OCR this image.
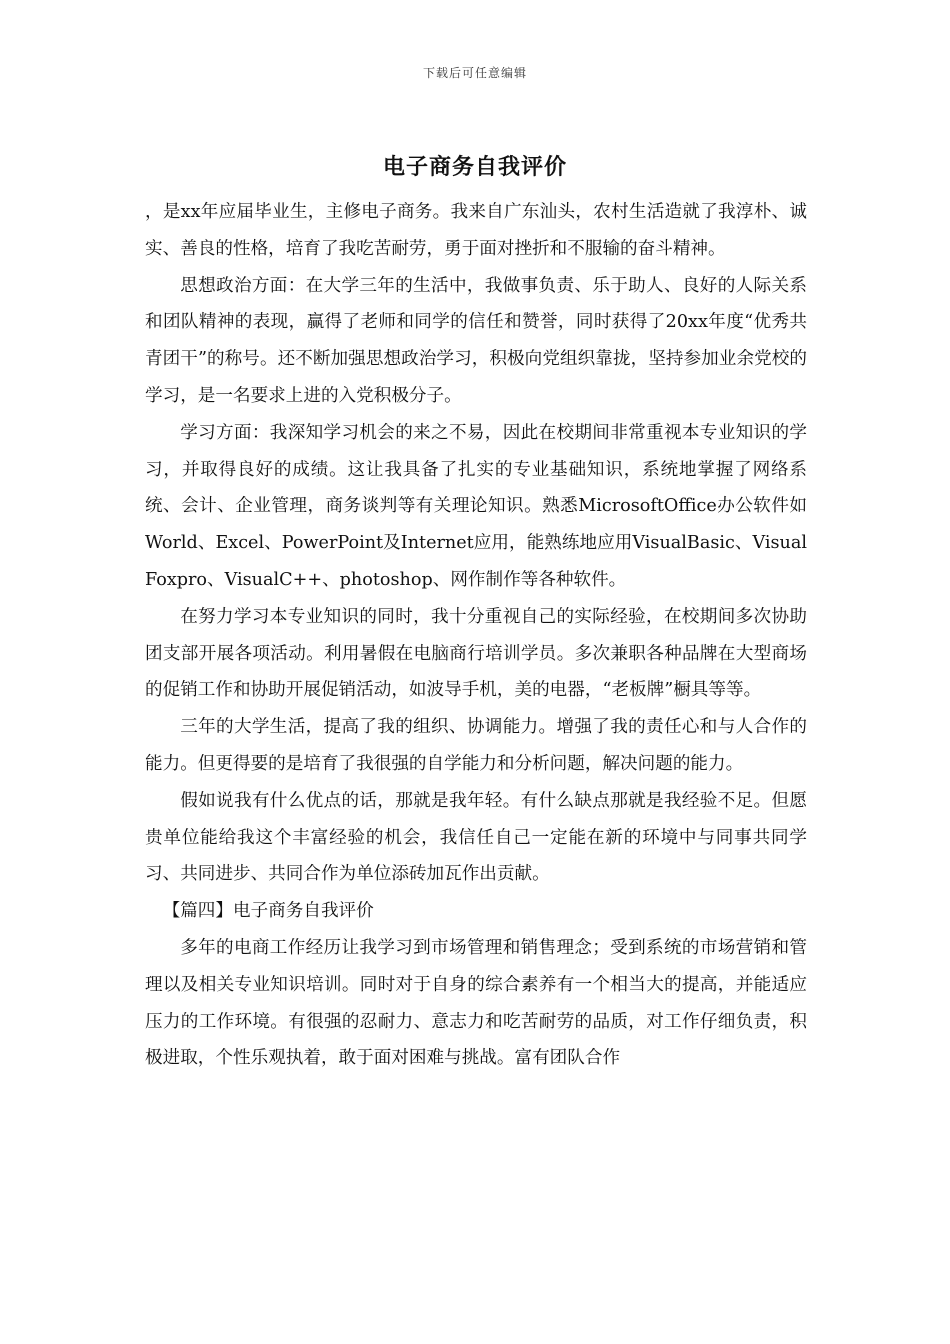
下载后可任意编辑
电子商务自我评价

，是xx年应届毕业生，主修电子商务。我来自广东汕头，农村生活造就了我淳朴、诚实、善良的性格，培育了我吃苦耐劳，勇于面对挫折和不服输的奋斗精神。

思想政治方面：在大学三年的生活中，我做事负责、乐于助人、良好的人际关系和团队精神的表现，赢得了老师和同学的信任和赞誉，同时获得了20xx年度“优秀共青团干”的称号。还不断加强思想政治学习，积极向党组织靠拢，坚持参加业余党校的学习，是一名要求上进的入党积极分子。

学习方面：我深知学习机会的来之不易，因此在校期间非常重视本专业知识的学习，并取得良好的成绩。这让我具备了扎实的专业基础知识，系统地掌握了网络系统、会计、企业管理，商务谈判等有关理论知识。熟悉MicrosoftOffice办公软件如World、Excel、PowerPoint及Internet应用，能熟练地应用VisualBasic、VisualFoxpro、VisualC++、photoshop、网作制作等各种软件。

在努力学习本专业知识的同时，我十分重视自己的实际经验，在校期间多次协助团支部开展各项活动。利用暑假在电脑商行培训学员。多次兼职各种品牌在大型商场的促销工作和协助开展促销活动，如波导手机，美的电器，“老板牌”橱具等等。

三年的大学生活，提高了我的组织、协调能力。增强了我的责任心和与人合作的能力。但更得要的是培育了我很强的自学能力和分析问题，解决问题的能力。

假如说我有什么优点的话，那就是我年轻。有什么缺点那就是我经验不足。但愿贵单位能给我这个丰富经验的机会，我信任自己一定能在新的环境中与同事共同学习、共同进步、共同合作为单位添砖加瓦作出贡献。

【篇四】电子商务自我评价

多年的电商工作经历让我学习到市场管理和销售理念；受到系统的市场营销和管理以及相关专业知识培训。同时对于自身的综合素养有一个相当大的提高，并能适应压力的工作环境。有很强的忍耐力、意志力和吃苦耐劳的品质，对工作仔细负责，积极进取，个性乐观执着，敢于面对困难与挑战。富有团队合作
